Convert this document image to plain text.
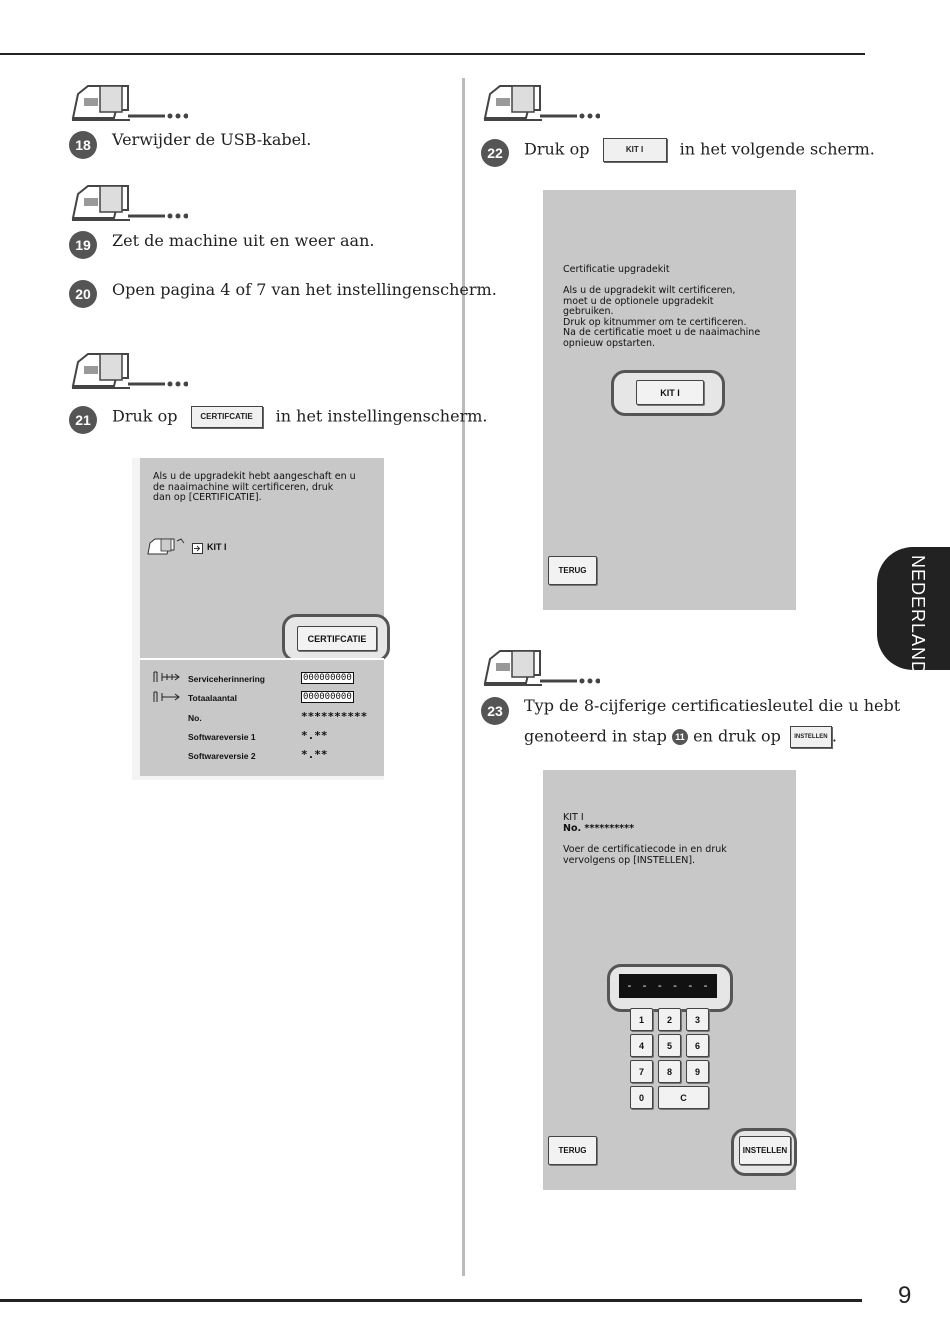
9
NEDERLANDS
18	Verwijder de USB-kabel.
19	Zet de machine uit en weer aan.
20	Open pagina 4 of 7 van het instellingenscherm.
21	Druk op	CERTIFCATIE in het instellingenscherm.
Als u de upgradekit hebt aangeschaft en u
de naaimachine wilt certificeren, druk
dan op [CERTIFICATIE].
KIT I
CERTIFCATIE
Serviceherinnering	000000000
Totaalaantal	000000000
No.	**********
Softwareversie 1	*.**
Softwareversie 2	*.**
22	Druk op	KIT I in het volgende scherm.
Certificatie upgradekit
Als u de upgradekit wilt certificeren,
moet u de optionele upgradekit
gebruiken.
Druk op kitnummer om te certificeren.
Na de certificatie moet u de naaimachine
opnieuw opstarten.
KIT I
TERUG
23	Typ de 8-cijferige certificatiesleutel die u hebt
genoteerd in stap 11 en druk op INSTELLEN .
KIT I
No. **********
Voer de certificatiecode in en druk
vervolgens op [INSTELLEN].
- - - - - -
1	2	3
4	5	6
7	8	9
0	C
TERUG	INSTELLEN
